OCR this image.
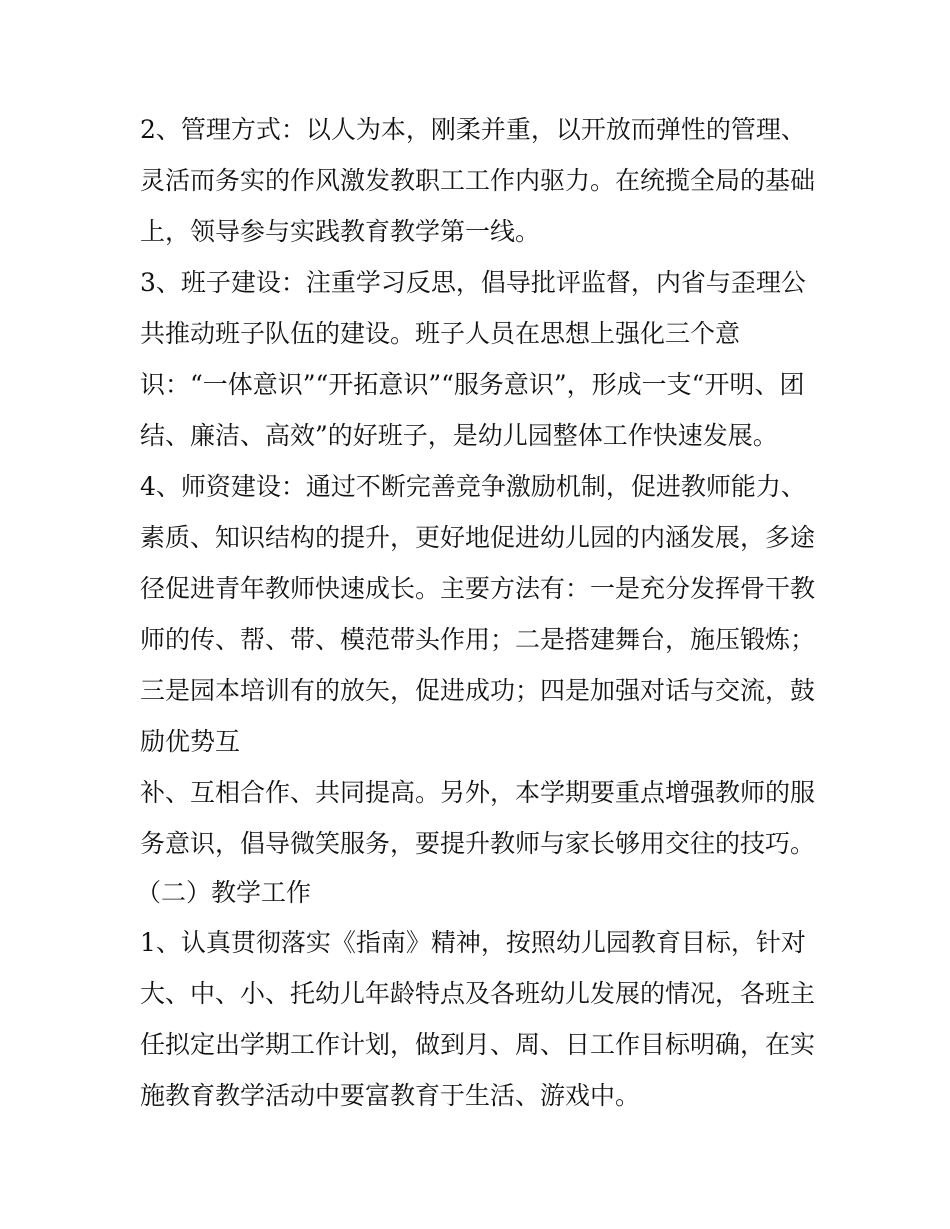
2、管理方式：以人为本，刚柔并重，以开放而弹性的管理、
灵活而务实的作风激发教职工工作内驱力。在统揽全局的基础
上，领导参与实践教育教学第一线。
3、班子建设：注重学习反思，倡导批评监督，内省与歪理公
共推动班子队伍的建设。班子人员在思想上强化三个意
识：“一体意识”“开拓意识”“服务意识”，形成一支“开明、团
结、廉洁、高效”的好班子，是幼儿园整体工作快速发展。
4、师资建设：通过不断完善竞争激励机制，促进教师能力、
素质、知识结构的提升，更好地促进幼儿园的内涵发展，多途
径促进青年教师快速成长。主要方法有：一是充分发挥骨干教
师的传、帮、带、模范带头作用；二是搭建舞台，施压锻炼；
三是园本培训有的放矢，促进成功；四是加强对话与交流，鼓
励优势互
补、互相合作、共同提高。另外，本学期要重点增强教师的服
务意识，倡导微笑服务，要提升教师与家长够用交往的技巧。
（二）教学工作
1、认真贯彻落实《指南》精神，按照幼儿园教育目标，针对
大、中、小、托幼儿年龄特点及各班幼儿发展的情况，各班主
任拟定出学期工作计划，做到月、周、日工作目标明确，在实
施教育教学活动中要富教育于生活、游戏中。
